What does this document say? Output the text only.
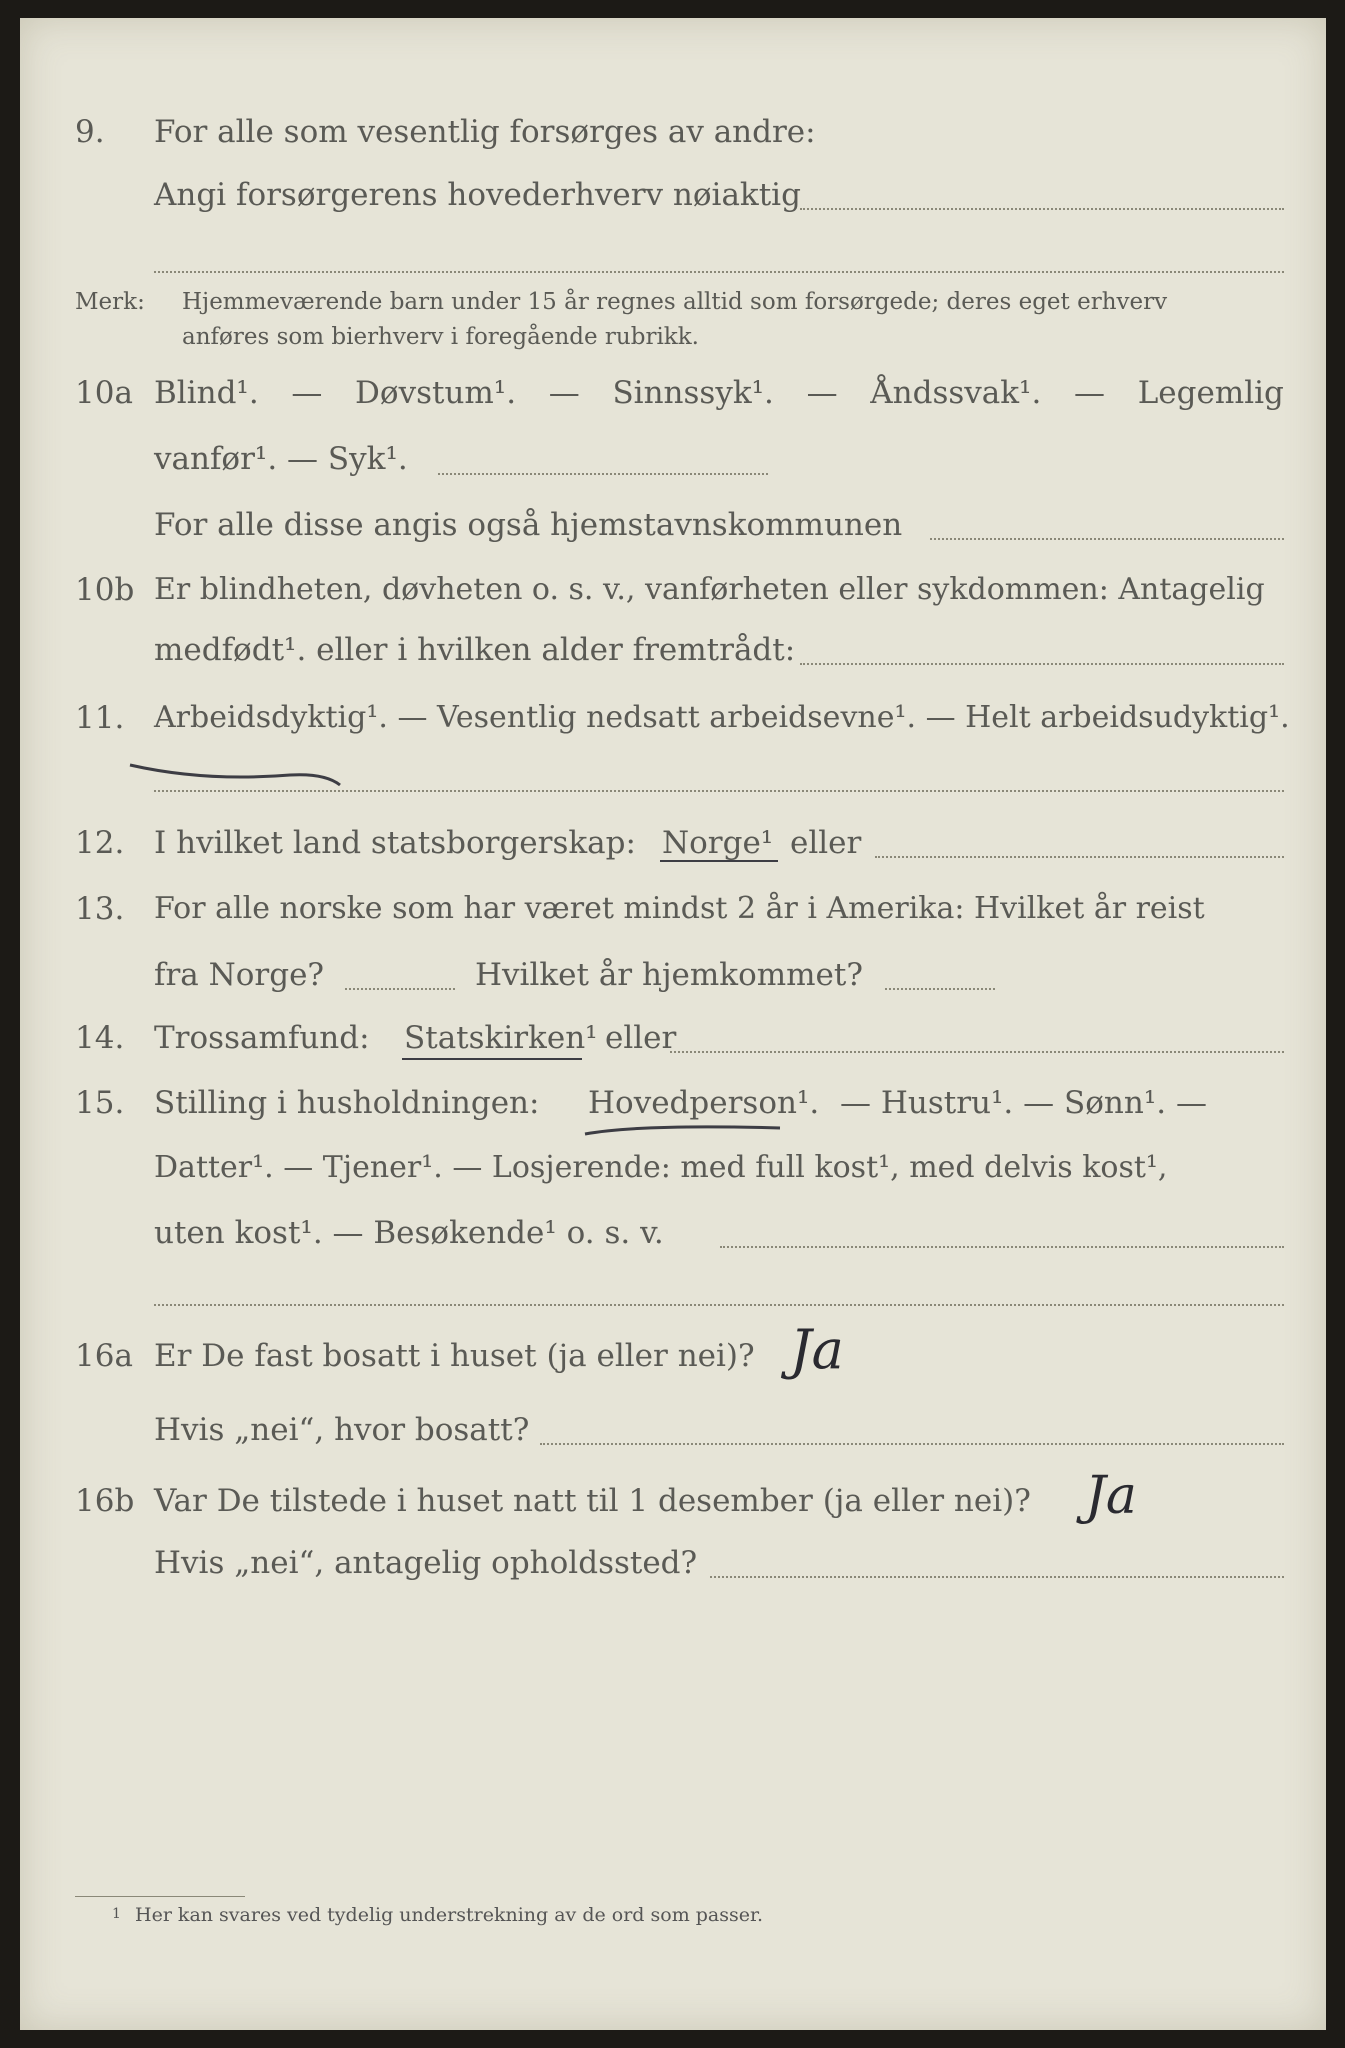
9. For alle som vesentlig forsørges av andre:
Angi forsørgerens hovederhverv nøiaktig
Merk: Hjemmeværende barn under 15 år regnes alltid som forsørgede; deres eget erhverv
anføres som bierhverv i foregående rubrikk.
10a Blind¹. — Døvstum¹. — Sinnssyk¹. — Åndssvak¹. — Legemlig
vanfør¹. — Syk¹.
For alle disse angis også hjemstavnskommunen
10b Er blindheten, døvheten o. s. v., vanførheten eller sykdommen: Antagelig
medfødt¹. eller i hvilken alder fremtrådt:
11. Arbeidsdyktig¹. — Vesentlig nedsatt arbeidsevne¹. — Helt arbeidsudyktig¹.
12. I hvilket land statsborgerskap: Norge¹ eller
13. For alle norske som har været mindst 2 år i Amerika: Hvilket år reist
fra Norge?	Hvilket år hjemkommet?
14. Trossamfund: Statskirken¹ eller
15. Stilling i husholdningen: Hovedperson¹. — Hustru¹. — Sønn¹. —
Datter¹. — Tjener¹. — Losjerende: med full kost¹, med delvis kost¹,
uten kost¹. — Besøkende¹ o. s. v.
16a Er De fast bosatt i huset (ja eller nei)? Ja
Hvis „nei“, hvor bosatt?
16b Var De tilstede i huset natt til 1 desember (ja eller nei)? Ja
Hvis „nei“, antagelig opholdssted?
1 Her kan svares ved tydelig understrekning av de ord som passer.
